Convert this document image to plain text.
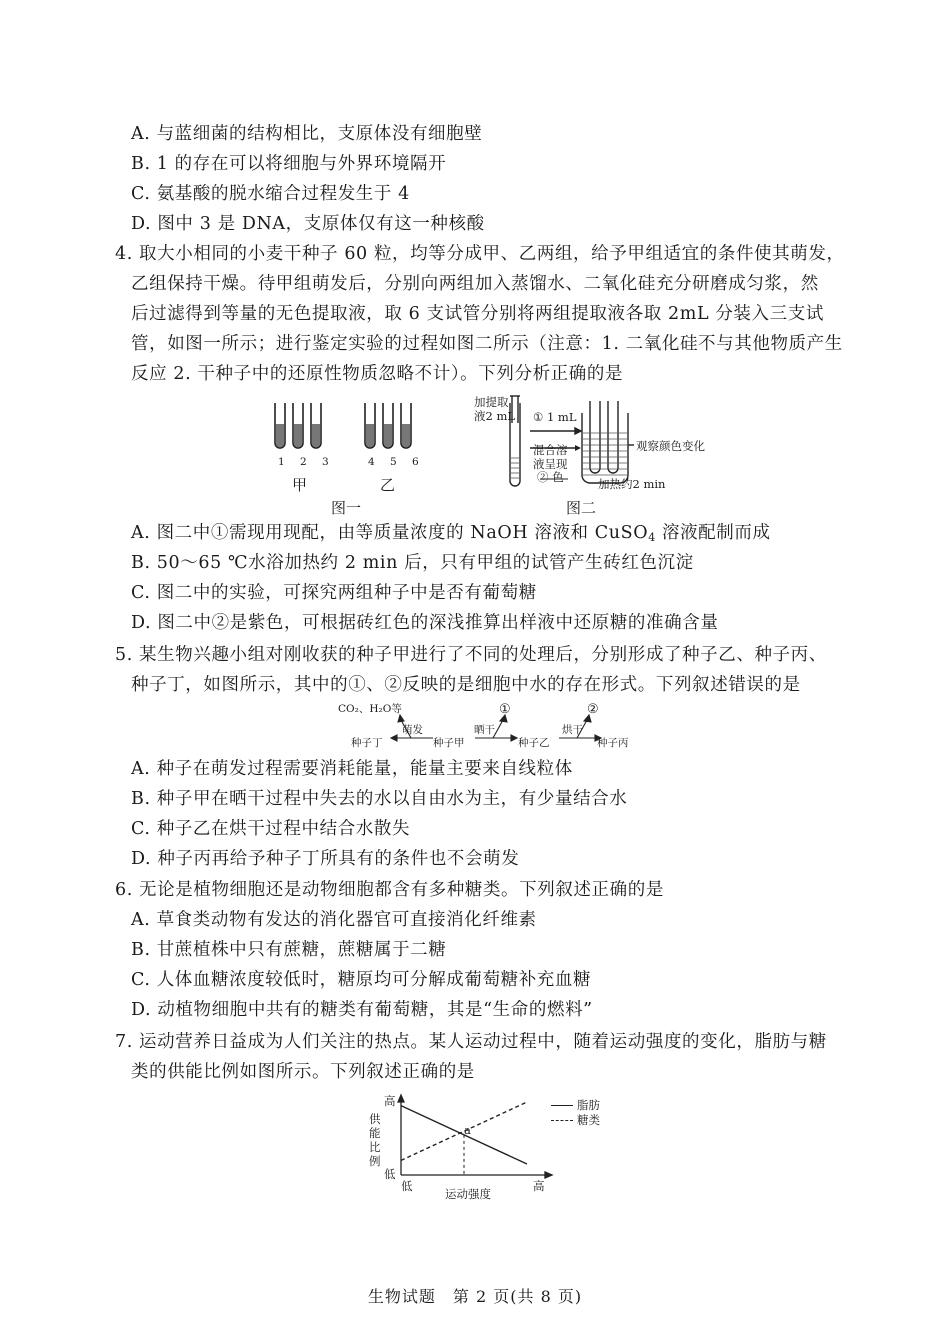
A. 与蓝细菌的结构相比，支原体没有细胞壁
B. 1 的存在可以将细胞与外界环境隔开
C. 氨基酸的脱水缩合过程发生于 4
D. 图中 3 是 DNA，支原体仅有这一种核酸
4. 取大小相同的小麦干种子 60 粒，均等分成甲、乙两组，给予甲组适宜的条件使其萌发，
乙组保持干燥。待甲组萌发后，分别向两组加入蒸馏水、二氧化硅充分研磨成匀浆，然
后过滤得到等量的无色提取液，取 6 支试管分别将两组提取液各取 2mL 分装入三支试
管，如图一所示；进行鉴定实验的过程如图二所示（注意：1. 二氧化硅不与其他物质产生
反应 2. 干种子中的还原性物质忽略不计）。下列分析正确的是
1 2 3	4 5 6
甲	乙
图一
加提取
液2 mL ① 1 mL
混合溶
液呈现
② 色
观察颜色变化
加热约2 min
图二
A. 图二中①需现用现配，由等质量浓度的 NaOH 溶液和 CuSO$_4$ 溶液配制而成
B. 50～65 ℃水浴加热约 2 min 后，只有甲组的试管产生砖红色沉淀
C. 图二中的实验，可探究两组种子中是否有葡萄糖
D. 图二中②是紫色，可根据砖红色的深浅推算出样液中还原糖的准确含量
5. 某生物兴趣小组对刚收获的种子甲进行了不同的处理后，分别形成了种子乙、种子丙、
种子丁，如图所示，其中的①、②反映的是细胞中水的存在形式。下列叙述错误的是
CO₂、H₂O等
萌发
种子丁	种子甲
晒干
①
种子乙
烘干
②
种子丙
A. 种子在萌发过程需要消耗能量，能量主要来自线粒体
B. 种子甲在晒干过程中失去的水以自由水为主，有少量结合水
C. 种子乙在烘干过程中结合水散失
D. 种子丙再给予种子丁所具有的条件也不会萌发
6. 无论是植物细胞还是动物细胞都含有多种糖类。下列叙述正确的是
A. 草食类动物有发达的消化器官可直接消化纤维素
B. 甘蔗植株中只有蔗糖，蔗糖属于二糖
C. 人体血糖浓度较低时，糖原均可分解成葡萄糖补充血糖
D. 动植物细胞中共有的糖类有葡萄糖，其是“生命的燃料”
7. 运动营养日益成为人们关注的热点。某人运动过程中，随着运动强度的变化，脂肪与糖
类的供能比例如图所示。下列叙述正确的是
高
低
供能比例
低	高
运动强度
a
脂肪
糖类
生物试题　第 2 页(共 8 页)
